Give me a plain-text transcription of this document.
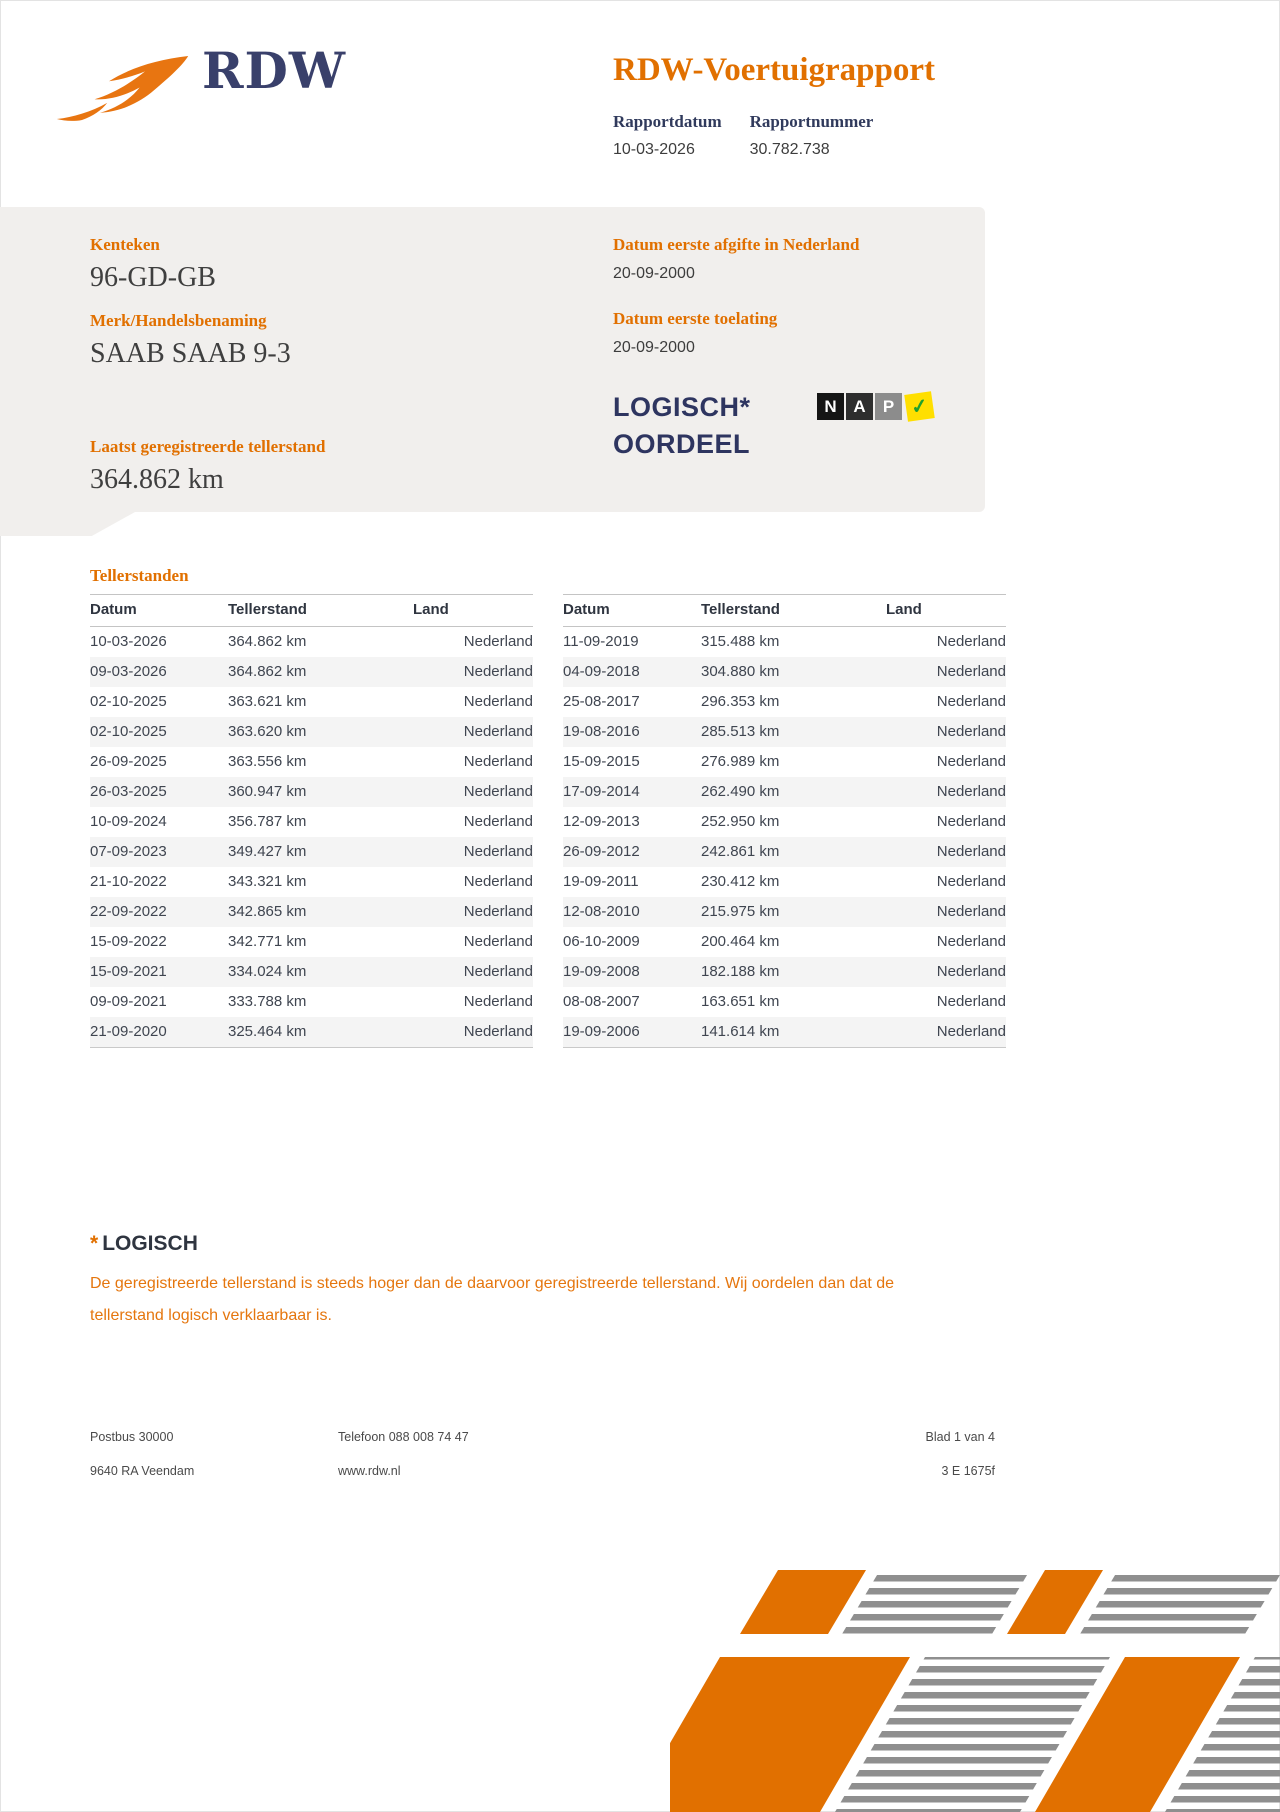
RDW	RDW-Voertuigrapport
Rapportdatum
10-03-2026
Rapportnummer
30.782.738
Kenteken
96-GD-GB
Merk/Handelsbenaming
SAAB SAAB 9-3
Laatst geregistreerde tellerstand
364.862 km
Datum eerste afgifte in Nederland
20-09-2000
Datum eerste toelating
20-09-2000
LOGISCH*
OORDEEL
N A	P ✓
Tellerstanden
Datum	Tellerstand	Land
10-03-2026	364.862 km	Nederland
09-03-2026	364.862 km	Nederland
02-10-2025	363.621 km	Nederland
02-10-2025	363.620 km	Nederland
26-09-2025	363.556 km	Nederland
26-03-2025	360.947 km	Nederland
10-09-2024	356.787 km	Nederland
07-09-2023	349.427 km	Nederland
21-10-2022	343.321 km	Nederland
22-09-2022	342.865 km	Nederland
15-09-2022	342.771 km	Nederland
15-09-2021	334.024 km	Nederland
09-09-2021	333.788 km	Nederland
21-09-2020	325.464 km	Nederland
Datum	Tellerstand	Land
11-09-2019	315.488 km	Nederland
04-09-2018	304.880 km	Nederland
25-08-2017	296.353 km	Nederland
19-08-2016	285.513 km	Nederland
15-09-2015	276.989 km	Nederland
17-09-2014	262.490 km	Nederland
12-09-2013	252.950 km	Nederland
26-09-2012	242.861 km	Nederland
19-09-2011	230.412 km	Nederland
12-08-2010	215.975 km	Nederland
06-10-2009	200.464 km	Nederland
19-09-2008	182.188 km	Nederland
08-08-2007	163.651 km	Nederland
19-09-2006	141.614 km	Nederland
* LOGISCH
De geregistreerde tellerstand is steeds hoger dan de daarvoor geregistreerde tellerstand. Wij oordelen dan dat de tellerstand logisch verklaarbaar is.
Postbus 30000	Telefoon 088 008 74 47	Blad 1 van 4
9640 RA Veendam	www.rdw.nl	3 E 1675f
